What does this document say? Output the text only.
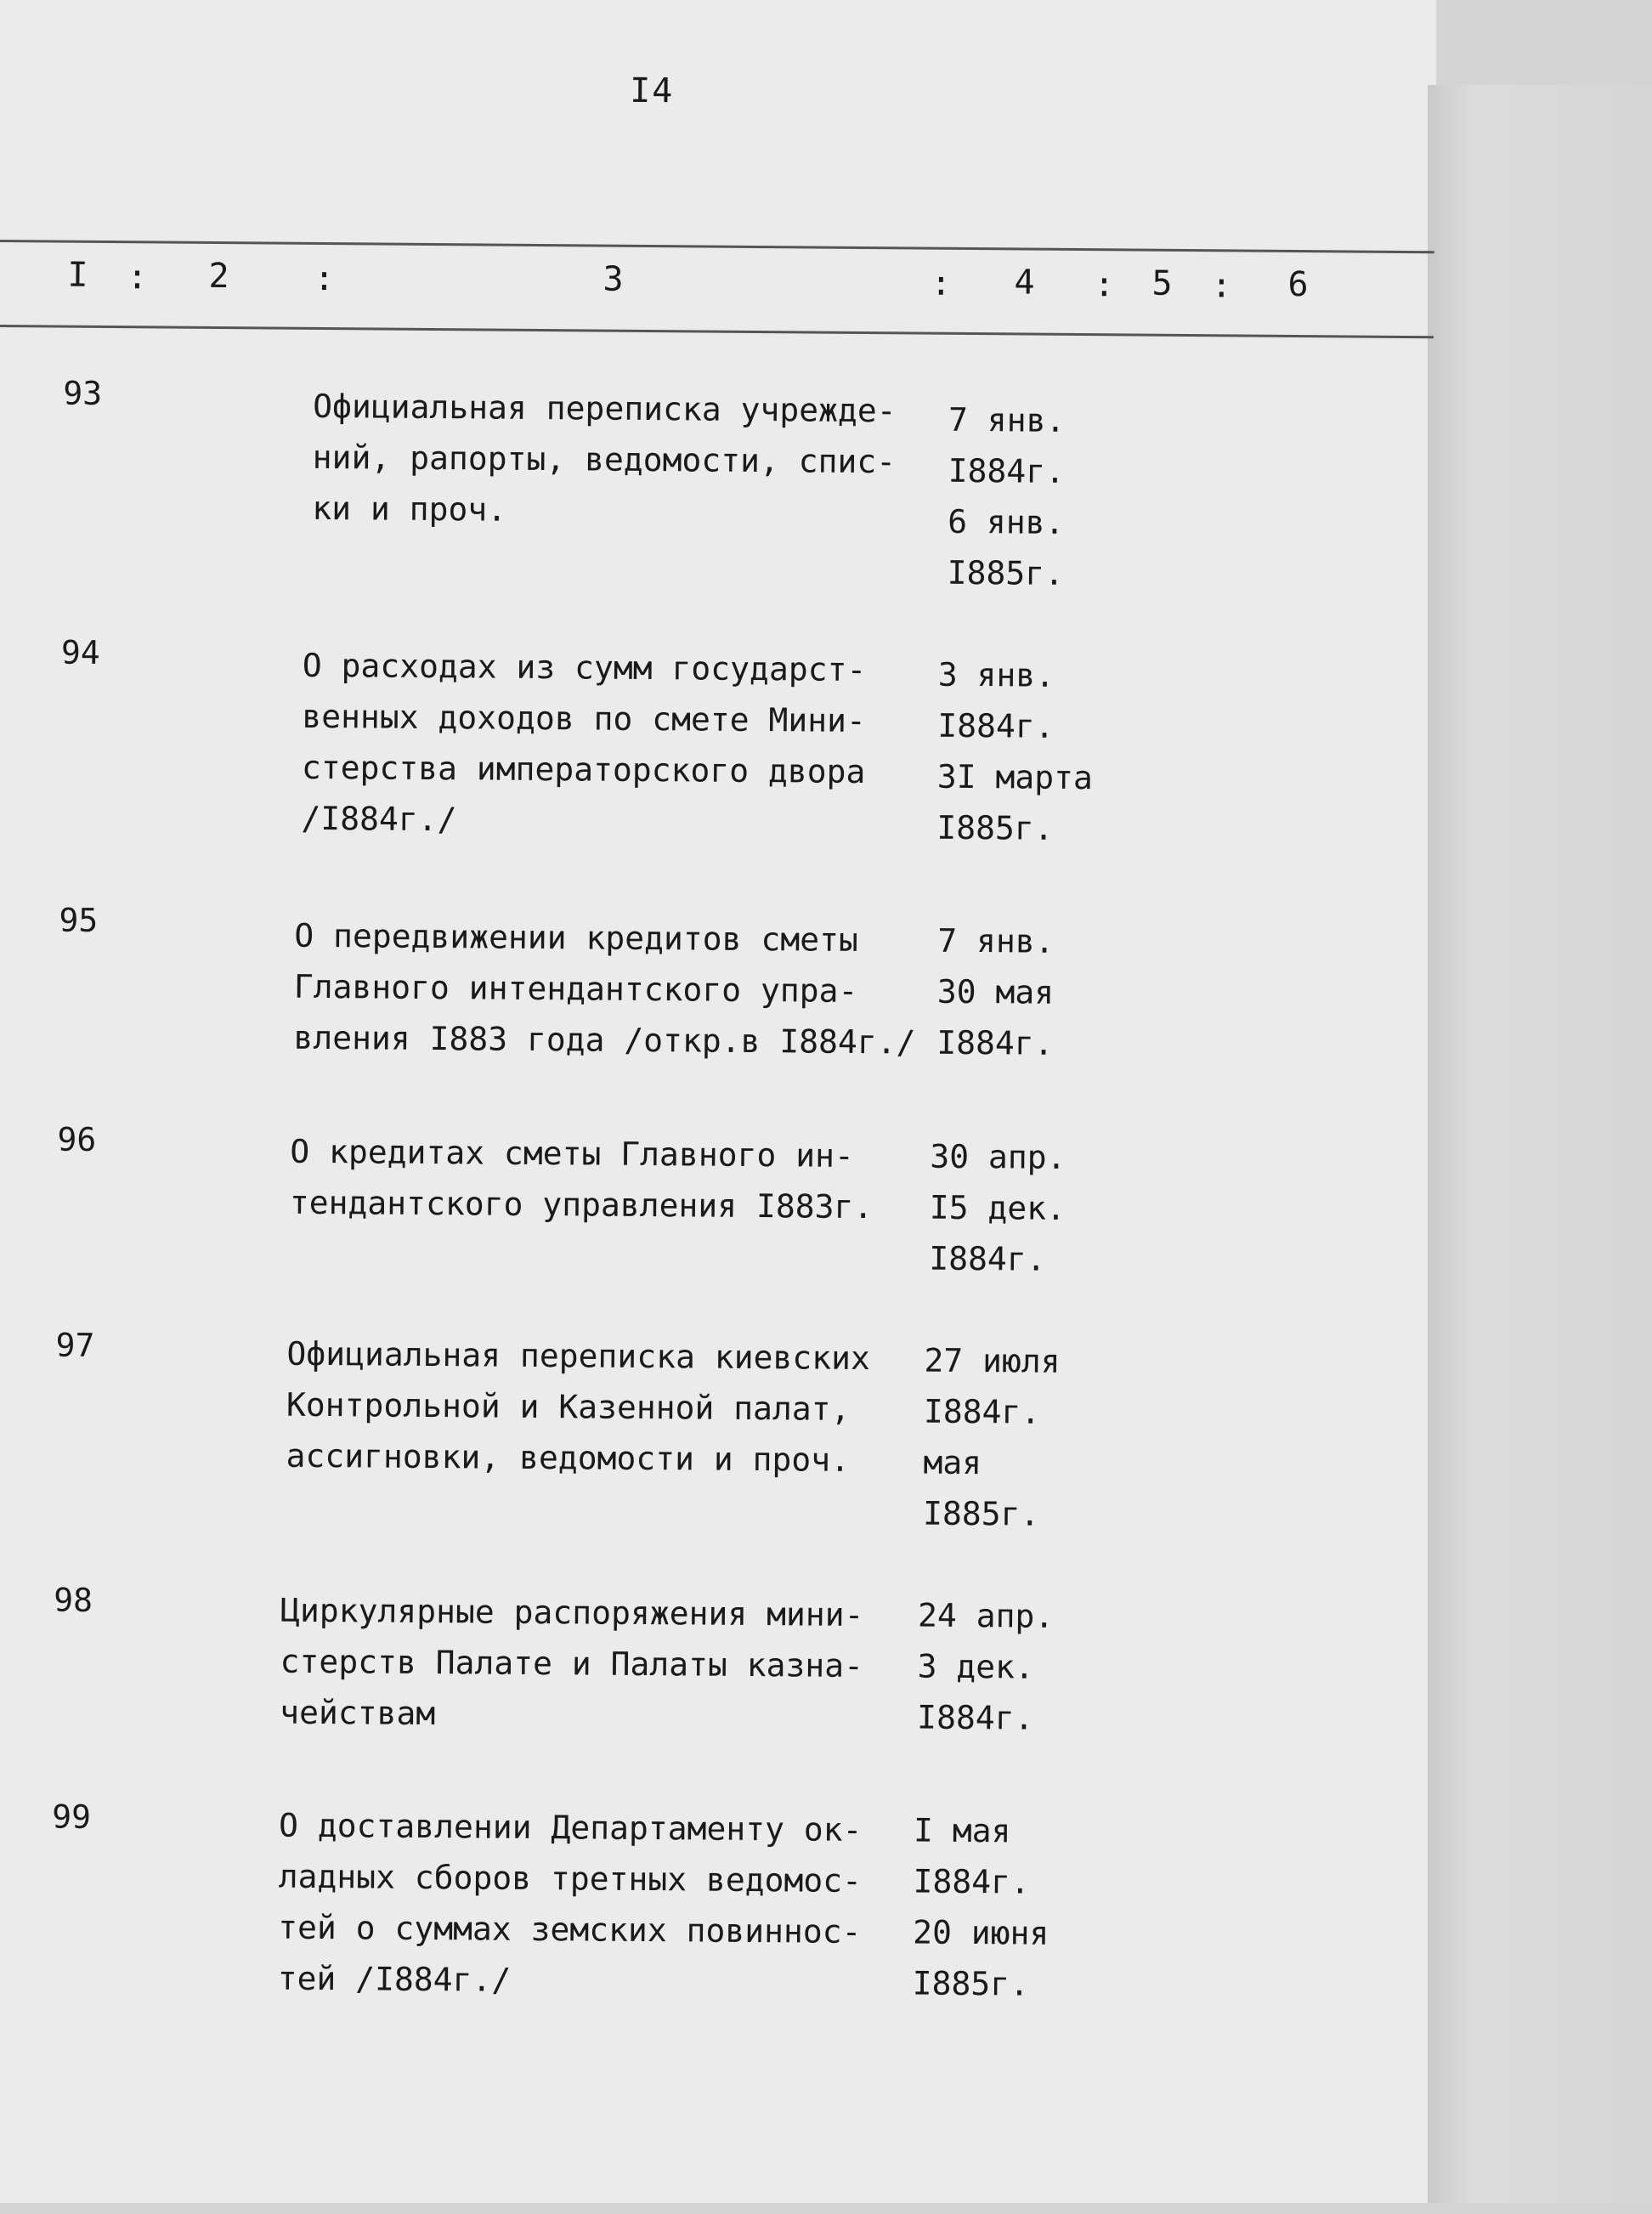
I4
I : 2 :	3	: 4 : 5 : 6
93	Официальная переписка учрежде-
ний, рапорты, ведомости, спис-
ки и проч.
7 янв.
I884г.
6 янв.
I885г.
94	О расходах из сумм государст-
венных доходов по смете Мини-
стерства императорского двора
/I884г./
3 янв.
I884г.
3I марта
I885г.
95	О передвижении кредитов сметы
Главного интендантского упра-
вления I883 года /откр.в I884г./
7 янв.
30 мая
I884г.
96	О кредитах сметы Главного ин-
тендантского управления I883г.
30 апр.
I5 дек.
I884г.
97	Официальная переписка киевских
Контрольной и Казенной палат,
ассигновки, ведомости и проч.
27 июля
I884г.
мая
I885г.
98	Циркулярные распоряжения мини-
стерств Палате и Палаты казна-
чействам
24 апр.
3 дек.
I884г.
99	О доставлении Департаменту ок-
ладных сборов третных ведомос-
тей о суммах земских повиннос-
тей /I884г./
I мая
I884г.
20 июня
I885г.
